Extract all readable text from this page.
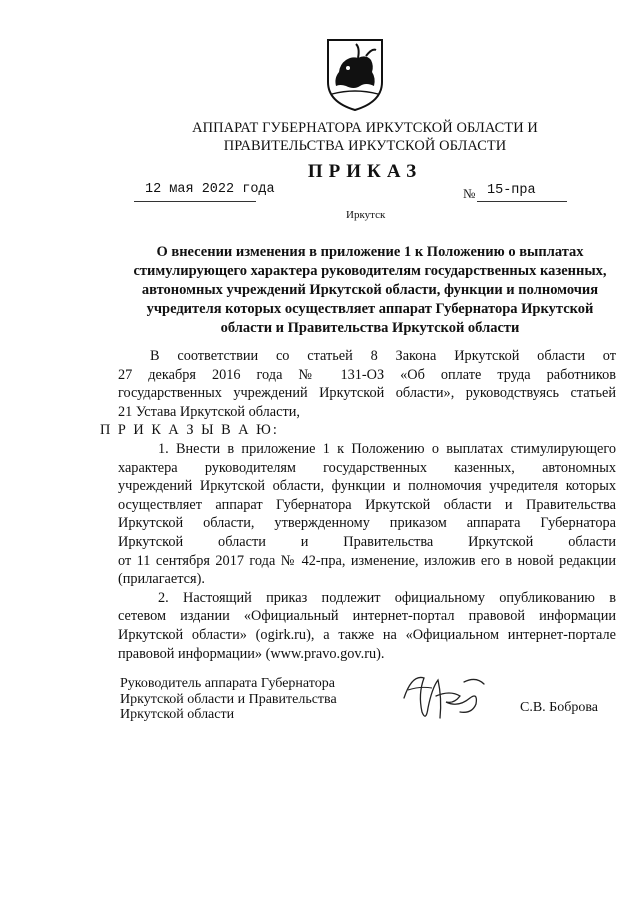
АППАРАТ ГУБЕРНАТОРА ИРКУТСКОЙ ОБЛАСТИ И
ПРАВИТЕЛЬСТВА ИРКУТСКОЙ ОБЛАСТИ
ПРИКАЗ
12 мая 2022 года	№ 15-пра
Иркутск
О внесении изменения в приложение 1 к Положению о выплатах
стимулирующего характера руководителям государственных казенных,
автономных учреждений Иркутской области, функции и полномочия
учредителя которых осуществляет аппарат Губернатора Иркутской
области и Правительства Иркутской области
В соответствии со статьей 8 Закона Иркутской области от
27 декабря 2016 года № 131-ОЗ «Об оплате труда работников
государственных учреждений Иркутской области», руководствуясь статьей
21 Устава Иркутской области,
П Р И К А З Ы В А Ю:
1. Внести в приложение 1 к Положению о выплатах стимулирующего
характера руководителям государственных казенных, автономных
учреждений Иркутской области, функции и полномочия учредителя которых
осуществляет аппарат Губернатора Иркутской области и Правительства
Иркутской области, утвержденному приказом аппарата Губернатора
Иркутской области и Правительства Иркутской области
от 11 сентября 2017 года № 42-пра, изменение, изложив его в новой редакции
(прилагается).
2. Настоящий приказ подлежит официальному опубликованию в
сетевом издании «Официальный интернет-портал правовой информации
Иркутской области» (ogirk.ru), а также на «Официальном интернет-портале
правовой информации» (www.pravo.gov.ru).
Руководитель аппарата Губернатора
Иркутской области и Правительства
Иркутской области	С.В. Боброва
